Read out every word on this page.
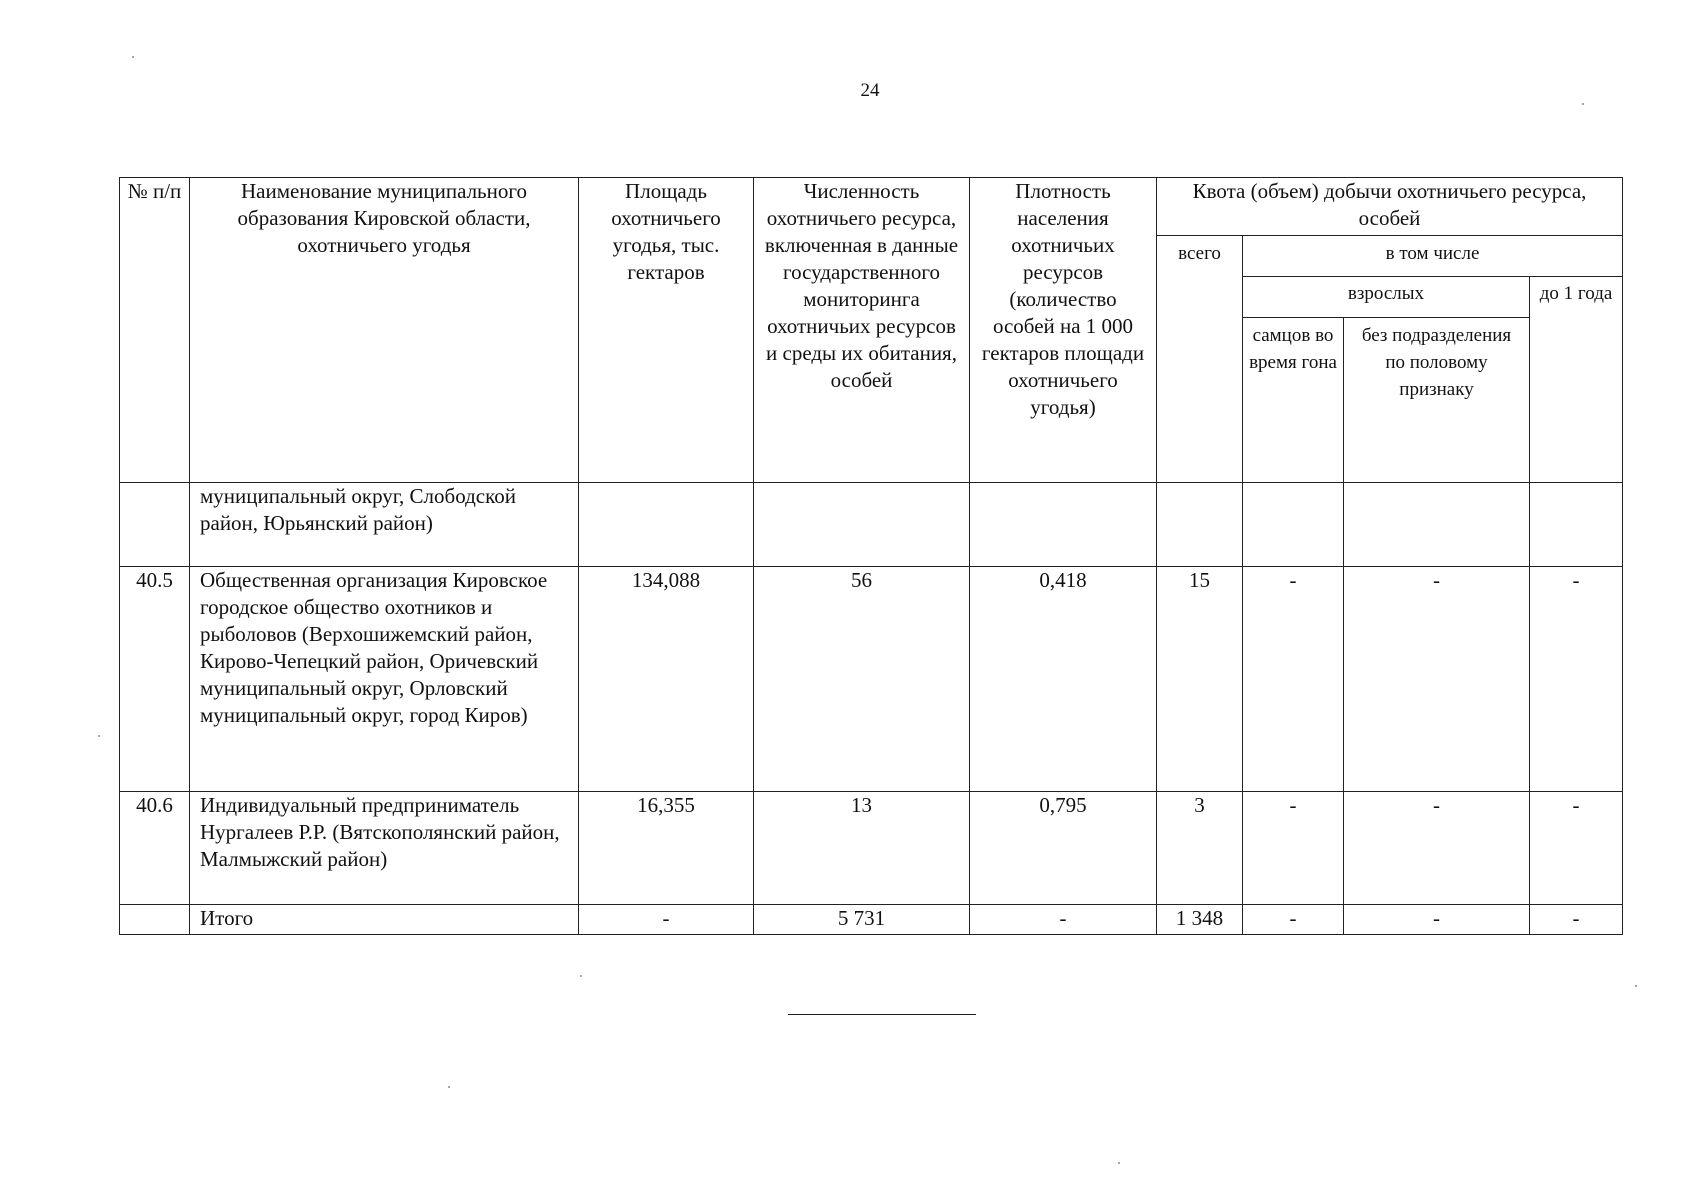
24
№ п/п	Наименование муниципального образования Кировской области, охотничьего угодья	Площадь охотничьего угодья, тыс. гектаров	Численность охотничьего ресурса, включенная в данные государственного мониторинга охотничьих ресурсов и среды их обитания, особей	Плотность населения охотничьих ресурсов (количество особей на 1 000 гектаров площади охотничьего угодья)	Квота (объем) добычи охотничьего ресурса, особей			
					всего	в том числе		
						взрослых		до 1 года
						самцов во время гона	без подразделения по половому признаку	
	муниципальный округ, Слободской район, Юрьянский район)							
40.5	Общественная организация Кировское городское общество охотников и рыболовов (Верхошижемский район, Кирово-Чепецкий район, Оричевский муниципальный округ, Орловский муниципальный округ, город Киров)	134,088	56	0,418	15	-	-	-
40.6	Индивидуальный предприниматель Нургалеев Р.Р. (Вятскополянский район, Малмыжский район)	16,355	13	0,795	3	-	-	-
	Итого	-	5 731	-	1 348	-	-	-
